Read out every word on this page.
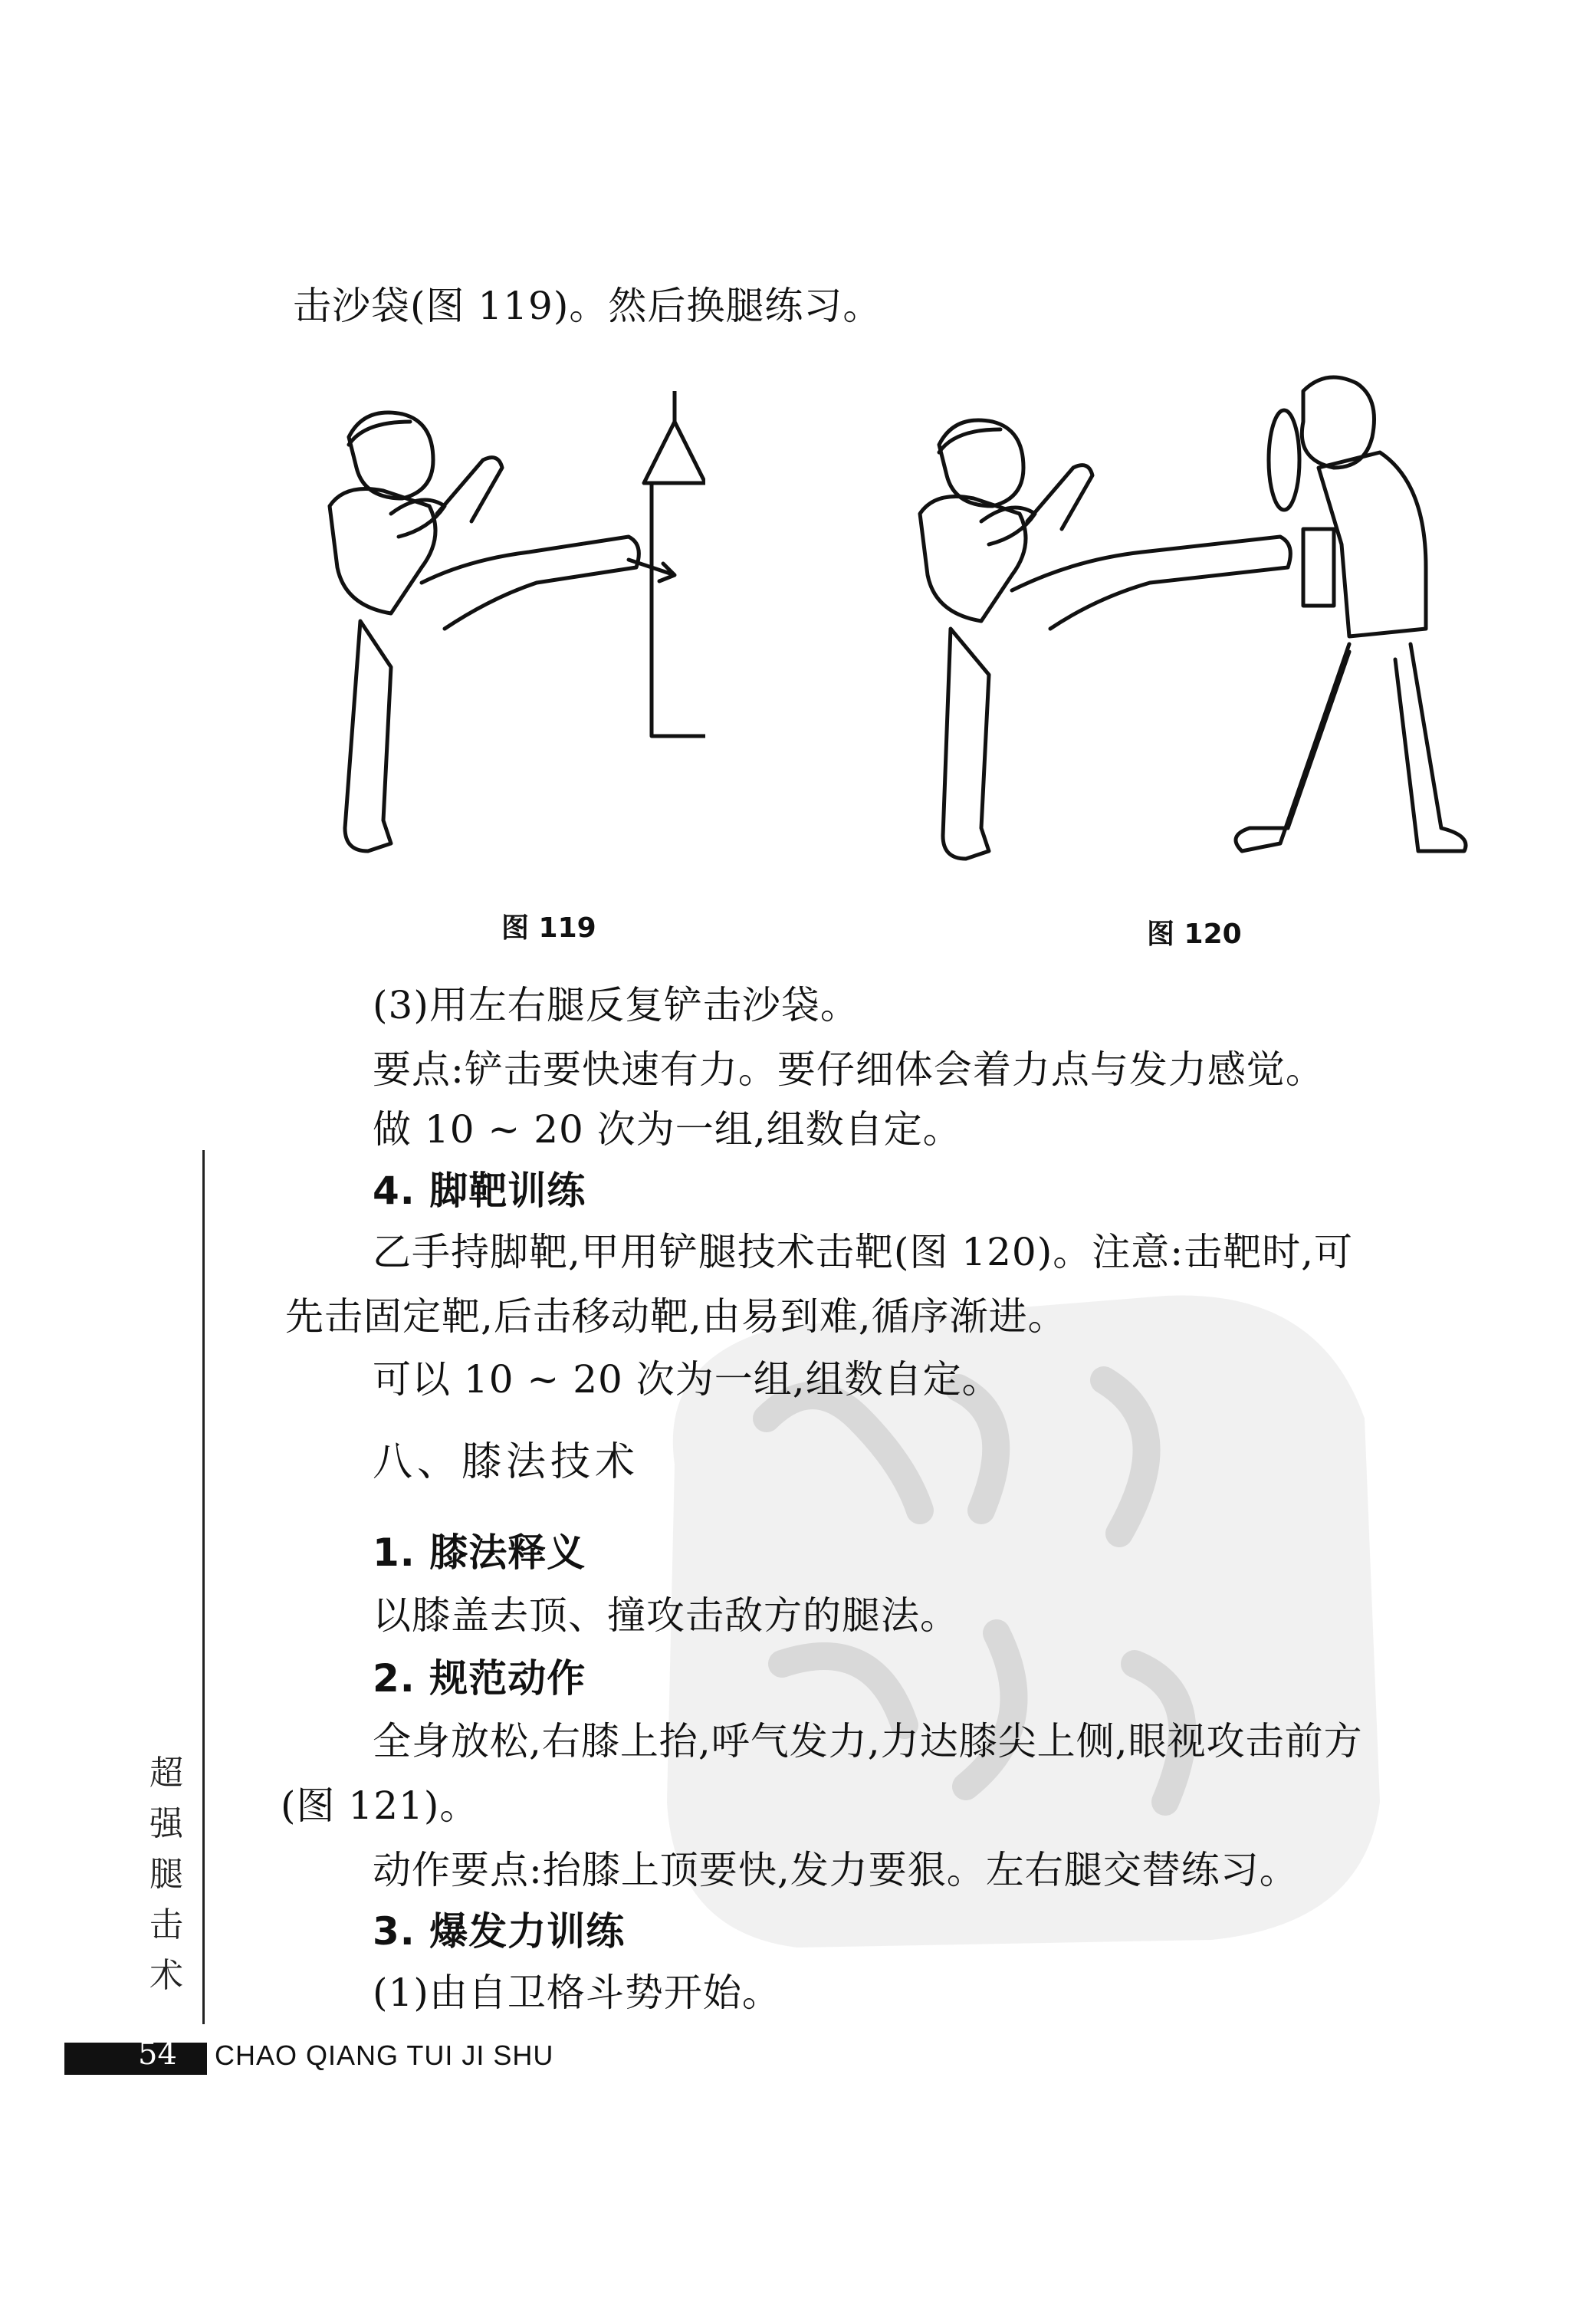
击沙袋(图 119)。然后换腿练习。
图 119	图 120
(3)用左右腿反复铲击沙袋。
要点:铲击要快速有力。要仔细体会着力点与发力感觉。
做 10 ~ 20 次为一组,组数自定。
4. 脚靶训练
乙手持脚靶,甲用铲腿技术击靶(图 120)。注意:击靶时,可
先击固定靶,后击移动靶,由易到难,循序渐进。
可以 10 ~ 20 次为一组,组数自定。
八、膝法技术
1. 膝法释义
以膝盖去顶、撞攻击敌方的腿法。
2. 规范动作
全身放松,右膝上抬,呼气发力,力达膝尖上侧,眼视攻击前方
(图 121)。
动作要点:抬膝上顶要快,发力要狠。左右腿交替练习。
3. 爆发力训练
(1)由自卫格斗势开始。
超
强
腿
击
术
54 CHAO QIANG TUI JI SHU
